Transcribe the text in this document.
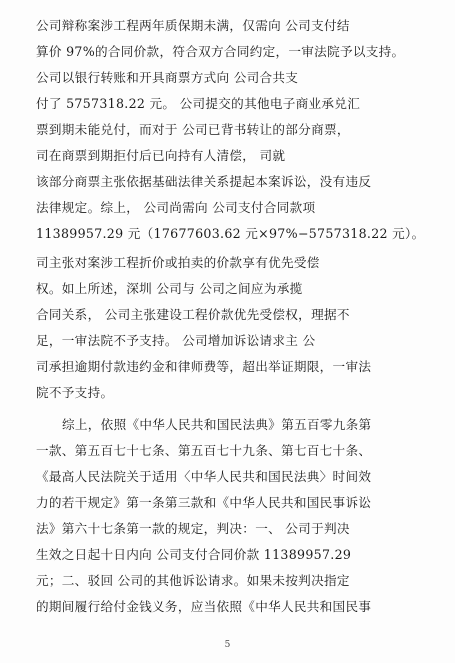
公司辩称案涉工程两年质保期未满，仅需向 公司支付结
算价 97%的合同价款，符合双方合同约定，一审法院予以支持。
公司以银行转账和开具商票方式向 公司合共支
付了 5757318.22 元。 公司提交的其他电子商业承兑汇
票到期未能兑付，而对于 公司已背书转让的部分商票，
司在商票到期拒付后已向持有人清偿， 司就
该部分商票主张依据基础法律关系提起本案诉讼，没有违反
法律规定。综上， 公司尚需向 公司支付合同款项
11389957.29 元（17677603.62 元×97%−5757318.22 元）。
司主张对案涉工程折价或拍卖的价款享有优先受偿
权。如上所述，深圳 公司与 公司之间应为承揽
合同关系， 公司主张建设工程价款优先受偿权，理据不
足，一审法院不予支持。 公司增加诉讼请求主 公
司承担逾期付款违约金和律师费等，超出举证期限，一审法
院不予支持。
综上，依照《中华人民共和国民法典》第五百零九条第
一款、第五百七十七条、第五百七十九条、第七百七十条、
《最高人民法院关于适用〈中华人民共和国民法典〉时间效
力的若干规定》第一条第三款和《中华人民共和国民事诉讼
法》第六十七条第一款的规定，判决：一、 公司于判决
生效之日起十日内向 公司支付合同价款 11389957.29
元；二、驳回 公司的其他诉讼请求。如果未按判决指定
的期间履行给付金钱义务，应当依照《中华人民共和国民事
5
